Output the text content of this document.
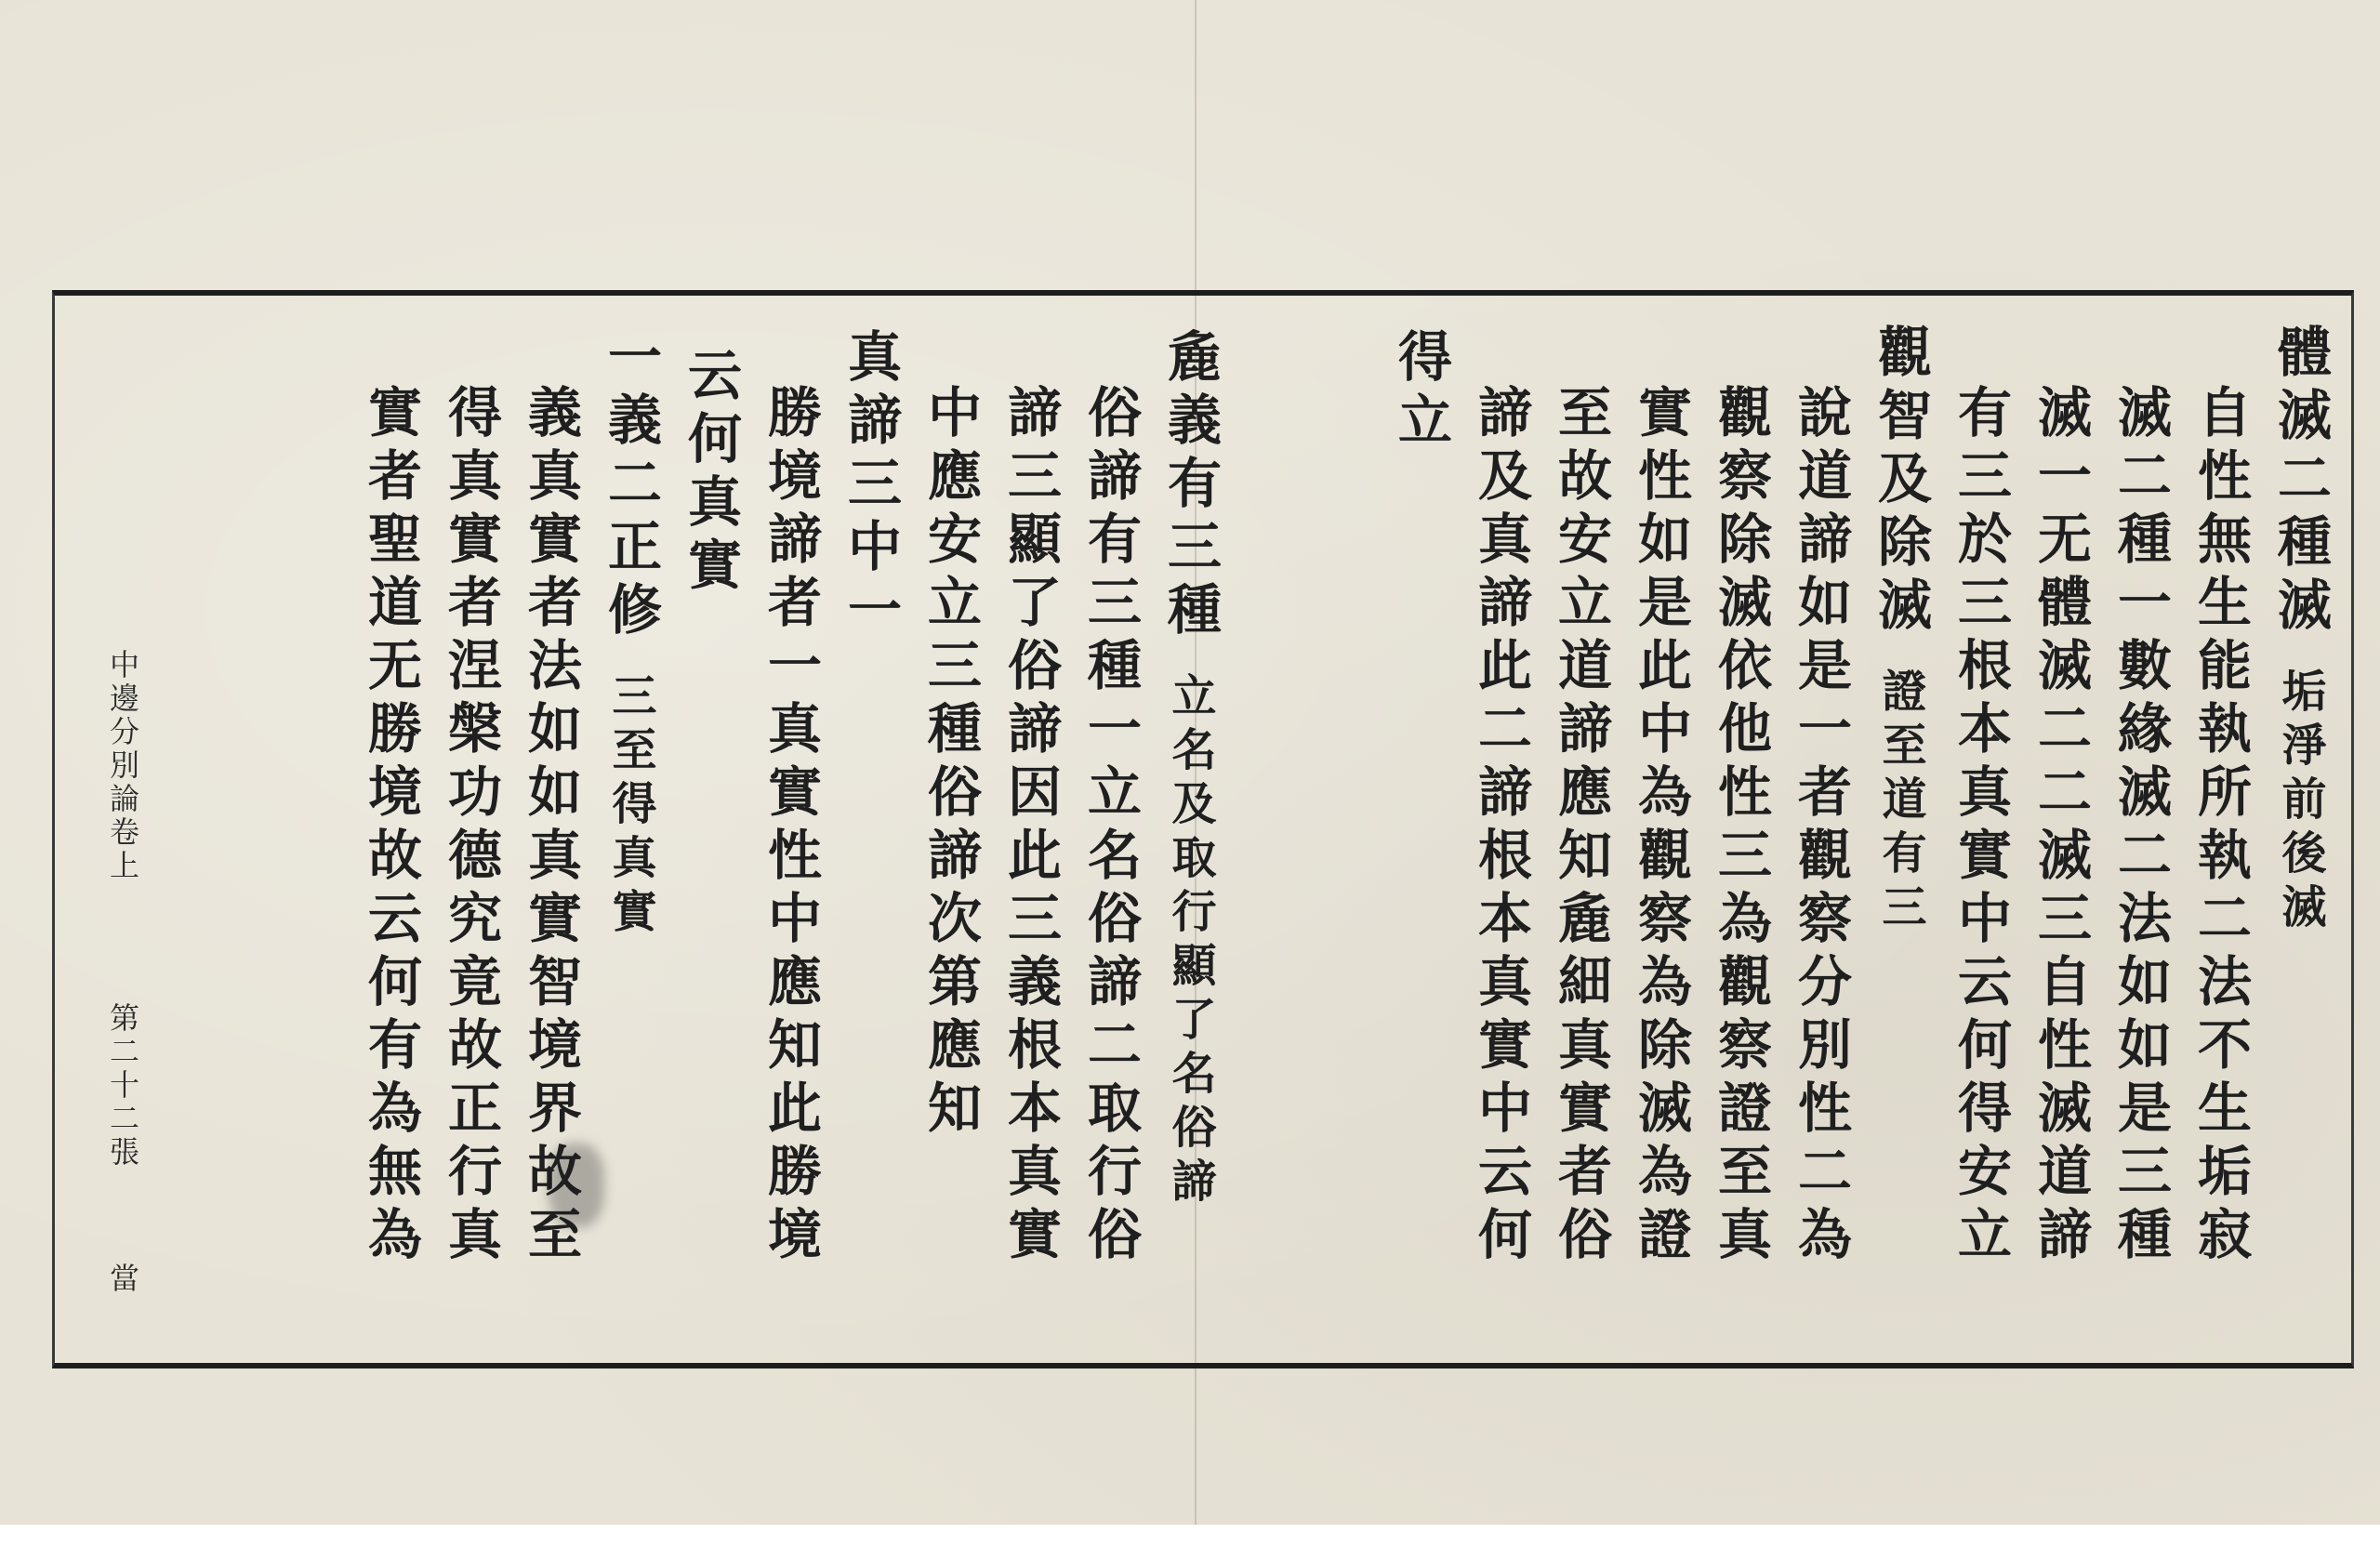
體滅二種滅垢淨前後滅
自性無生能執所執二法不生垢寂
滅二種一數緣滅二法如如是三種
滅一无體滅二二滅三自性滅道諦
有三於三根本真實中云何得安立
觀智及除滅證至道有三
說道諦如是一者觀察分別性二為
觀察除滅依他性三為觀察證至真
實性如是此中為觀察為除滅為證
至故安立道諦應知麁細真實者俗
諦及真諦此二諦根本真實中云何
得立
麁義有三種立名及取行顯了名俗諦
俗諦有三種一立名俗諦二取行俗
諦三顯了俗諦因此三義根本真實
中應安立三種俗諦次第應知
真諦三中一
勝境諦者一真實性中應知此勝境
云何真實
一義二正修三至得真實
義真實者法如如真實智境界故至
得真實者涅槃功德究竟故正行真
實者聖道无勝境故云何有為無為
中邊分別論卷上
第二十二張
當
